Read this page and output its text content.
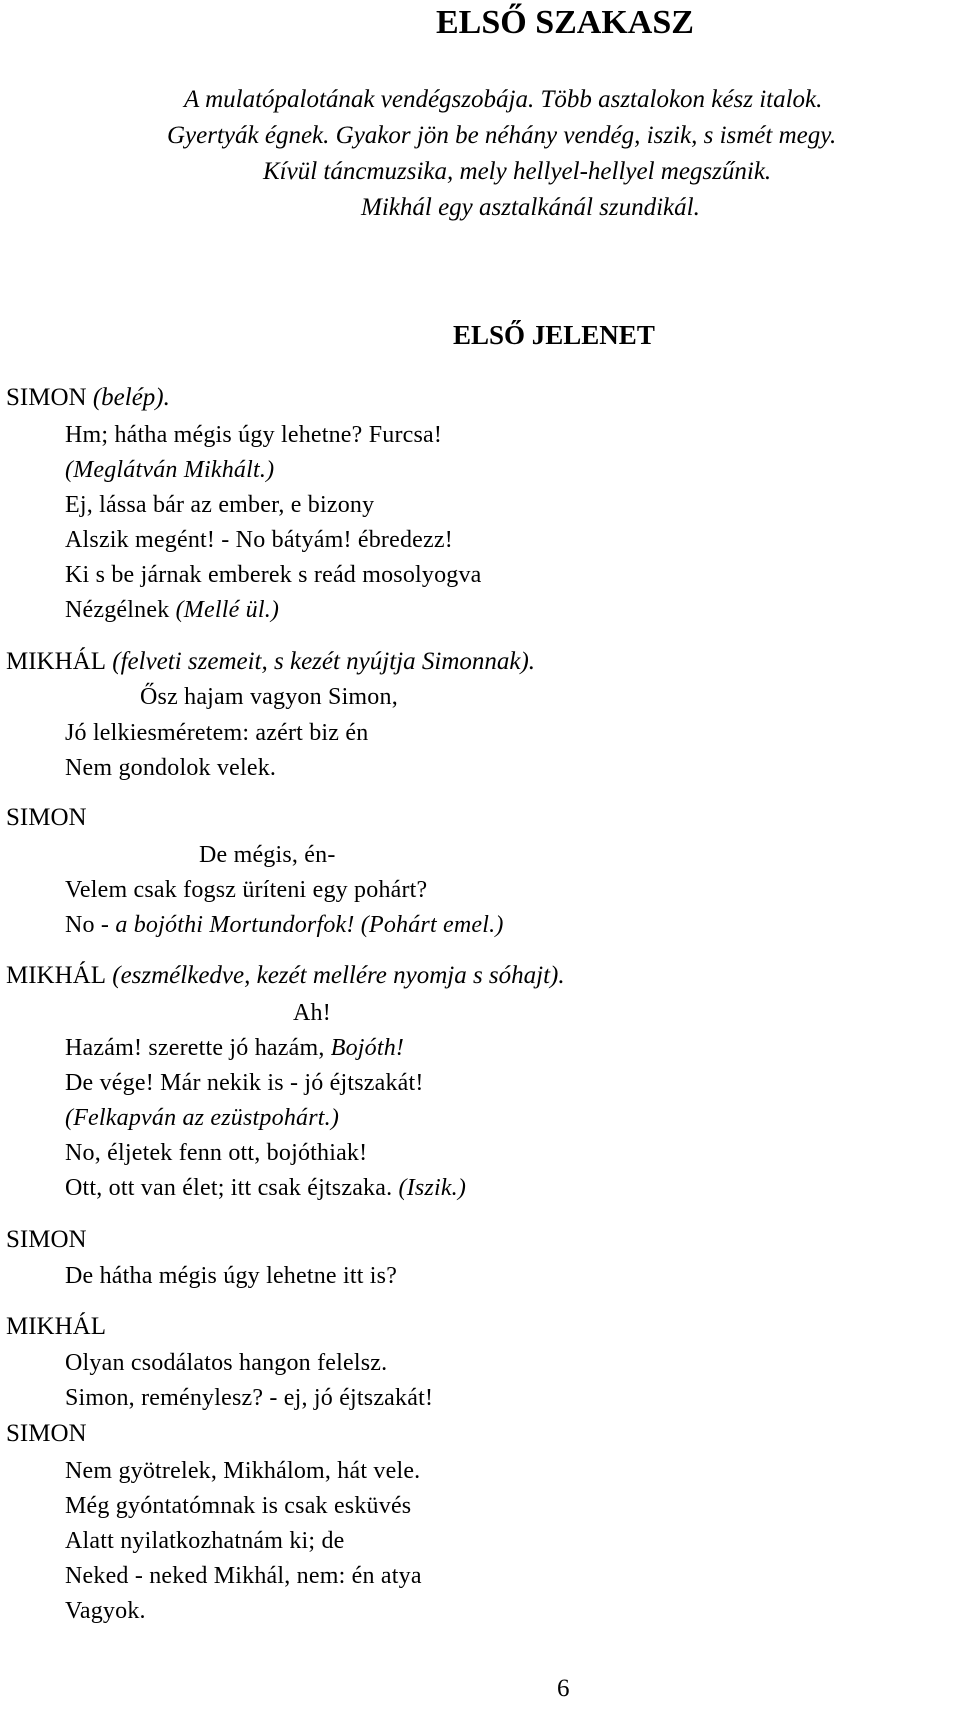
ELSŐ SZAKASZ
A mulatópalotának vendégszobája. Több asztalokon kész italok.
Gyertyák égnek. Gyakor jön be néhány vendég, iszik, s ismét megy.
Kívül táncmuzsika, mely hellyel-hellyel megszűnik.
Mikhál egy asztalkánál szundikál.
ELSŐ JELENET
SIMON (belép).
Hm; hátha mégis úgy lehetne? Furcsa!
(Meglátván Mikhált.)
Ej, lássa bár az ember, e bizony
Alszik megént! - No bátyám! ébredezz!
Ki s be járnak emberek s reád mosolyogva
Nézgélnek (Mellé ül.)
MIKHÁL (felveti szemeit, s kezét nyújtja Simonnak).
Ősz hajam vagyon Simon,
Jó lelkiesméretem: azért biz én
Nem gondolok velek.
SIMON
De mégis, én-
Velem csak fogsz üríteni egy pohárt?
No - a bojóthi Mortundorfok! (Pohárt emel.)
MIKHÁL (eszmélkedve, kezét mellére nyomja s sóhajt).
Ah!
Hazám! szerette jó hazám, Bojóth!
De vége! Már nekik is - jó éjtszakát!
(Felkapván az ezüstpohárt.)
No, éljetek fenn ott, bojóthiak!
Ott, ott van élet; itt csak éjtszaka. (Iszik.)
SIMON
De hátha mégis úgy lehetne itt is?
MIKHÁL
Olyan csodálatos hangon felelsz.
Simon, reménylesz? - ej, jó éjtszakát!
SIMON
Nem gyötrelek, Mikhálom, hát vele.
Még gyóntatómnak is csak esküvés
Alatt nyilatkozhatnám ki; de
Neked - neked Mikhál, nem: én atya
Vagyok.
6
